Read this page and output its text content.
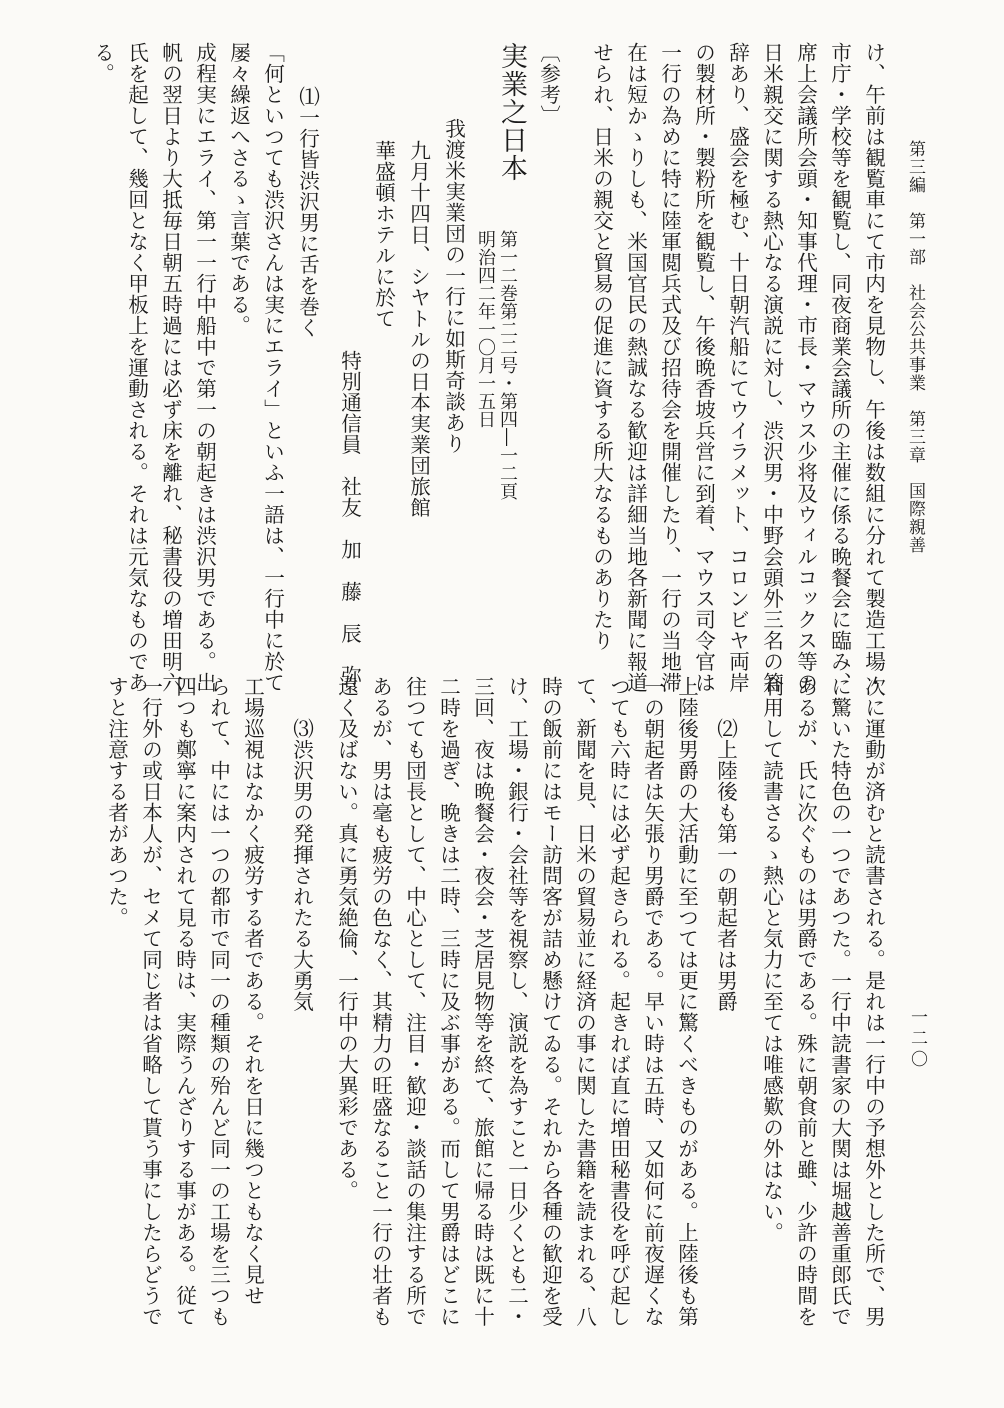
第三編　第一部　社会公共事業　第三章　国際親善
一二〇
け、午前は観覧車にて市内を見物し、午後は数組に分れて製造工場・
市庁・学校等を観覧し、同夜商業会議所の主催に係る晩餐会に臨み、
席上会議所会頭・知事代理・市長・マウス少将及ウィルコックス等の
日米親交に関する熱心なる演説に対し、渋沢男・中野会頭外三名の答
辞あり、盛会を極む、十日朝汽船にてウイラメット、コロンビヤ両岸
の製材所・製粉所を観覧し、午後晩香坡兵営に到着、マウス司令官は
一行の為めに特に陸軍閲兵式及び招待会を開催したり、一行の当地滞
在は短かゝりしも、米国官民の熱誠なる歓迎は詳細当地各新聞に報道
せられ、日米の親交と貿易の促進に資する所大なるものありたり
〔参考〕
実業之日本
第一二巻第二二号・第四―一二頁
明治四二年一〇月一五日
我渡米実業団の一行に如斯奇談あり
九月十四日、シヤトルの日本実業団旅館
華盛頓ホテルに於て
特別通信員　社友　加　藤　辰　弥
⑴一行皆渋沢男に舌を巻く
「何といつても渋沢さんは実にエライ」といふ一語は、一行中に於て
屡々繰返へさるゝ言葉である。
成程実にエライ、第一一行中船中で第一の朝起きは渋沢男である。出
帆の翌日より大抵毎日朝五時過には必ず床を離れ、秘書役の増田明六
氏を起して、幾回となく甲板上を運動される。それは元気なものであ
る。
次に運動が済むと読書される。是れは一行中の予想外とした所で、男
に驚いた特色の一つであつた。一行中読書家の大関は堀越善重郎氏で
あるが、氏に次ぐものは男爵である。殊に朝食前と雖、少許の時間を
利用して読書さるゝ熱心と気力に至ては唯感歎の外はない。
⑵上陸後も第一の朝起者は男爵
上陸後男爵の大活動に至つては更に驚くべきものがある。上陸後も第
一の朝起者は矢張り男爵である。早い時は五時、又如何に前夜遅くな
つても六時には必ず起きられる。起きれば直に増田秘書役を呼び起し
て、新聞を見、日米の貿易並に経済の事に関した書籍を読まれる、八
時の飯前にはモー訪問客が詰め懸けてゐる。それから各種の歓迎を受
け、工場・銀行・会社等を視察し、演説を為すこと一日少くとも二・
三回、夜は晩餐会・夜会・芝居見物等を終て、旅館に帰る時は既に十
二時を過ぎ、晩きは二時、三時に及ぶ事がある。而して男爵はどこに
往つても団長として、中心として、注目・歓迎・談話の集注する所で
あるが、男は毫も疲労の色なく、其精力の旺盛なること一行の壮者も
遠く及ばない。真に勇気絶倫、一行中の大異彩である。
⑶渋沢男の発揮されたる大勇気
工場巡視はなかく疲労する者である。それを日に幾つともなく見せ
られて、中には一つの都市で同一の種類の殆んど同一の工場を三つも
四つも鄭寧に案内されて見る時は、実際うんざりする事がある。従て
一行外の或日本人が、セメて同じ者は省略して貰う事にしたらどうで
すと注意する者があつた。
